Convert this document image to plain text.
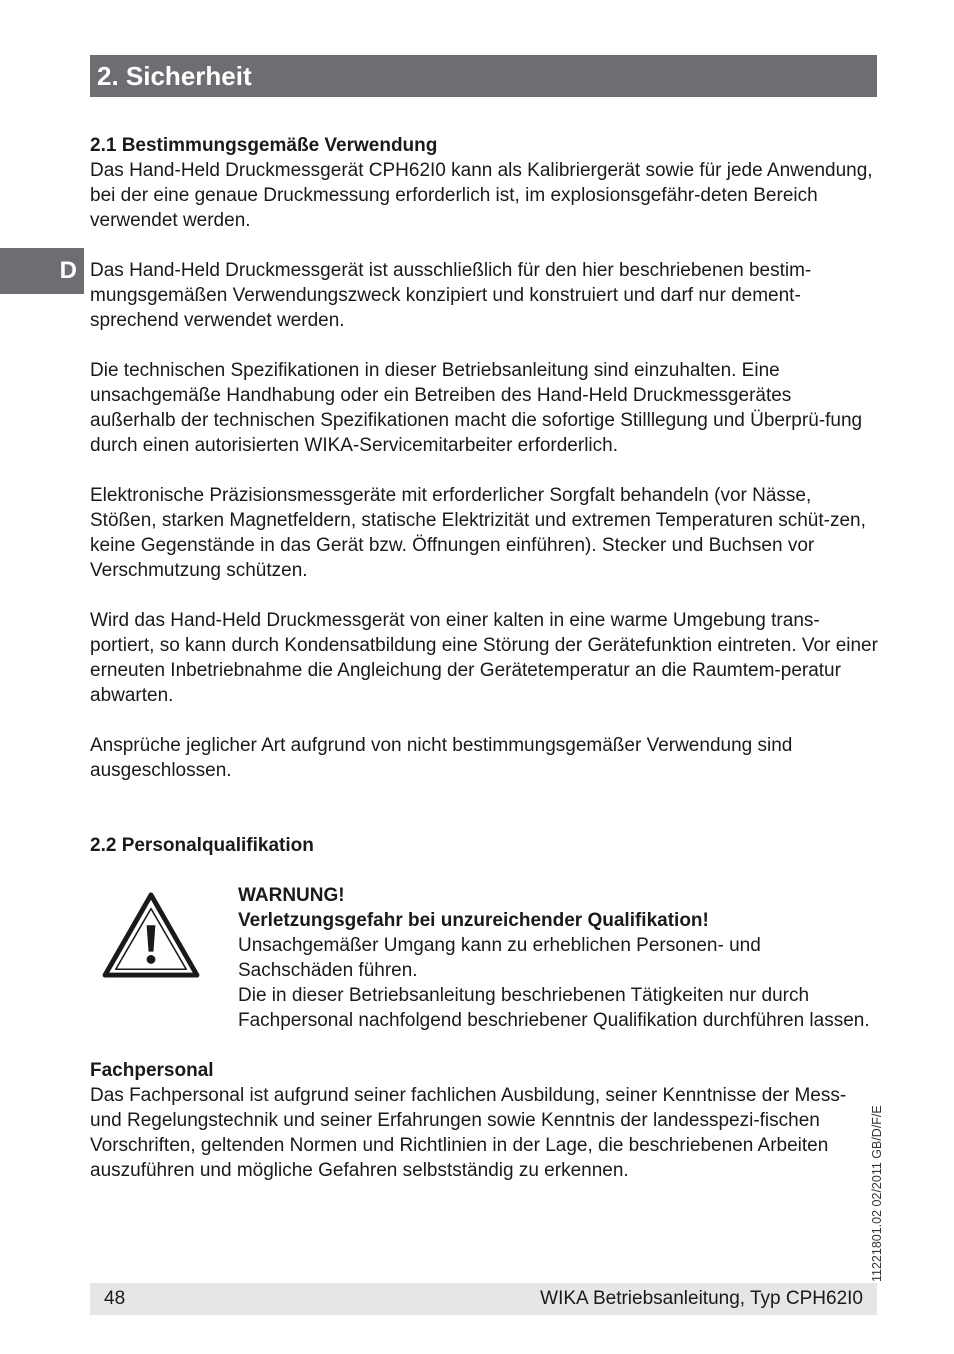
2. Sicherheit
D

2.1 Bestimmungsgemäße Verwendung

Das Hand-Held Druckmessgerät CPH62I0 kann als Kalibriergerät sowie für jede Anwendung, bei der eine genaue Druckmessung erforderlich ist, im explosionsgefähr-deten Bereich verwendet werden.

Das Hand-Held Druckmessgerät ist ausschließlich für den hier beschriebenen bestim-mungsgemäßen Verwendungszweck konzipiert und konstruiert und darf nur dement-sprechend verwendet werden.

Die technischen Spezifikationen in dieser Betriebsanleitung sind einzuhalten. Eine unsachgemäße Handhabung oder ein Betreiben des Hand-Held Druckmessgerätes außerhalb der technischen Spezifikationen macht die sofortige Stilllegung und Überprü-fung durch einen autorisierten WIKA-Servicemitarbeiter erforderlich.

Elektronische Präzisionsmessgeräte mit erforderlicher Sorgfalt behandeln (vor Nässe, Stößen, starken Magnetfeldern, statische Elektrizität und extremen Temperaturen schüt-zen, keine Gegenstände in das Gerät bzw. Öffnungen einführen). Stecker und Buchsen vor Verschmutzung schützen.

Wird das Hand-Held Druckmessgerät von einer kalten in eine warme Umgebung trans-portiert, so kann durch Kondensatbildung eine Störung der Gerätefunktion eintreten. Vor einer erneuten Inbetriebnahme die Angleichung der Gerätetemperatur an die Raumtem-peratur abwarten.

Ansprüche jeglicher Art aufgrund von nicht bestimmungsgemäßer Verwendung sind ausgeschlossen.

2.2 Personalqualifikation

WARNUNG!

Verletzungsgefahr bei unzureichender Qualifikation!

Unsachgemäßer Umgang kann zu erheblichen Personen- und Sachschäden führen.

Die in dieser Betriebsanleitung beschriebenen Tätigkeiten nur durch Fachpersonal nachfolgend beschriebener Qualifikation durchführen lassen.

Fachpersonal

Das Fachpersonal ist aufgrund seiner fachlichen Ausbildung, seiner Kenntnisse der Mess- und Regelungstechnik und seiner Erfahrungen sowie Kenntnis der landesspezi-fischen Vorschriften, geltenden Normen und Richtlinien in der Lage, die beschriebenen Arbeiten auszuführen und mögliche Gefahren selbstständig zu erkennen.	11221801.02 02/2011 GB/D/F/E
48	WIKA Betriebsanleitung, Typ CPH62I0
